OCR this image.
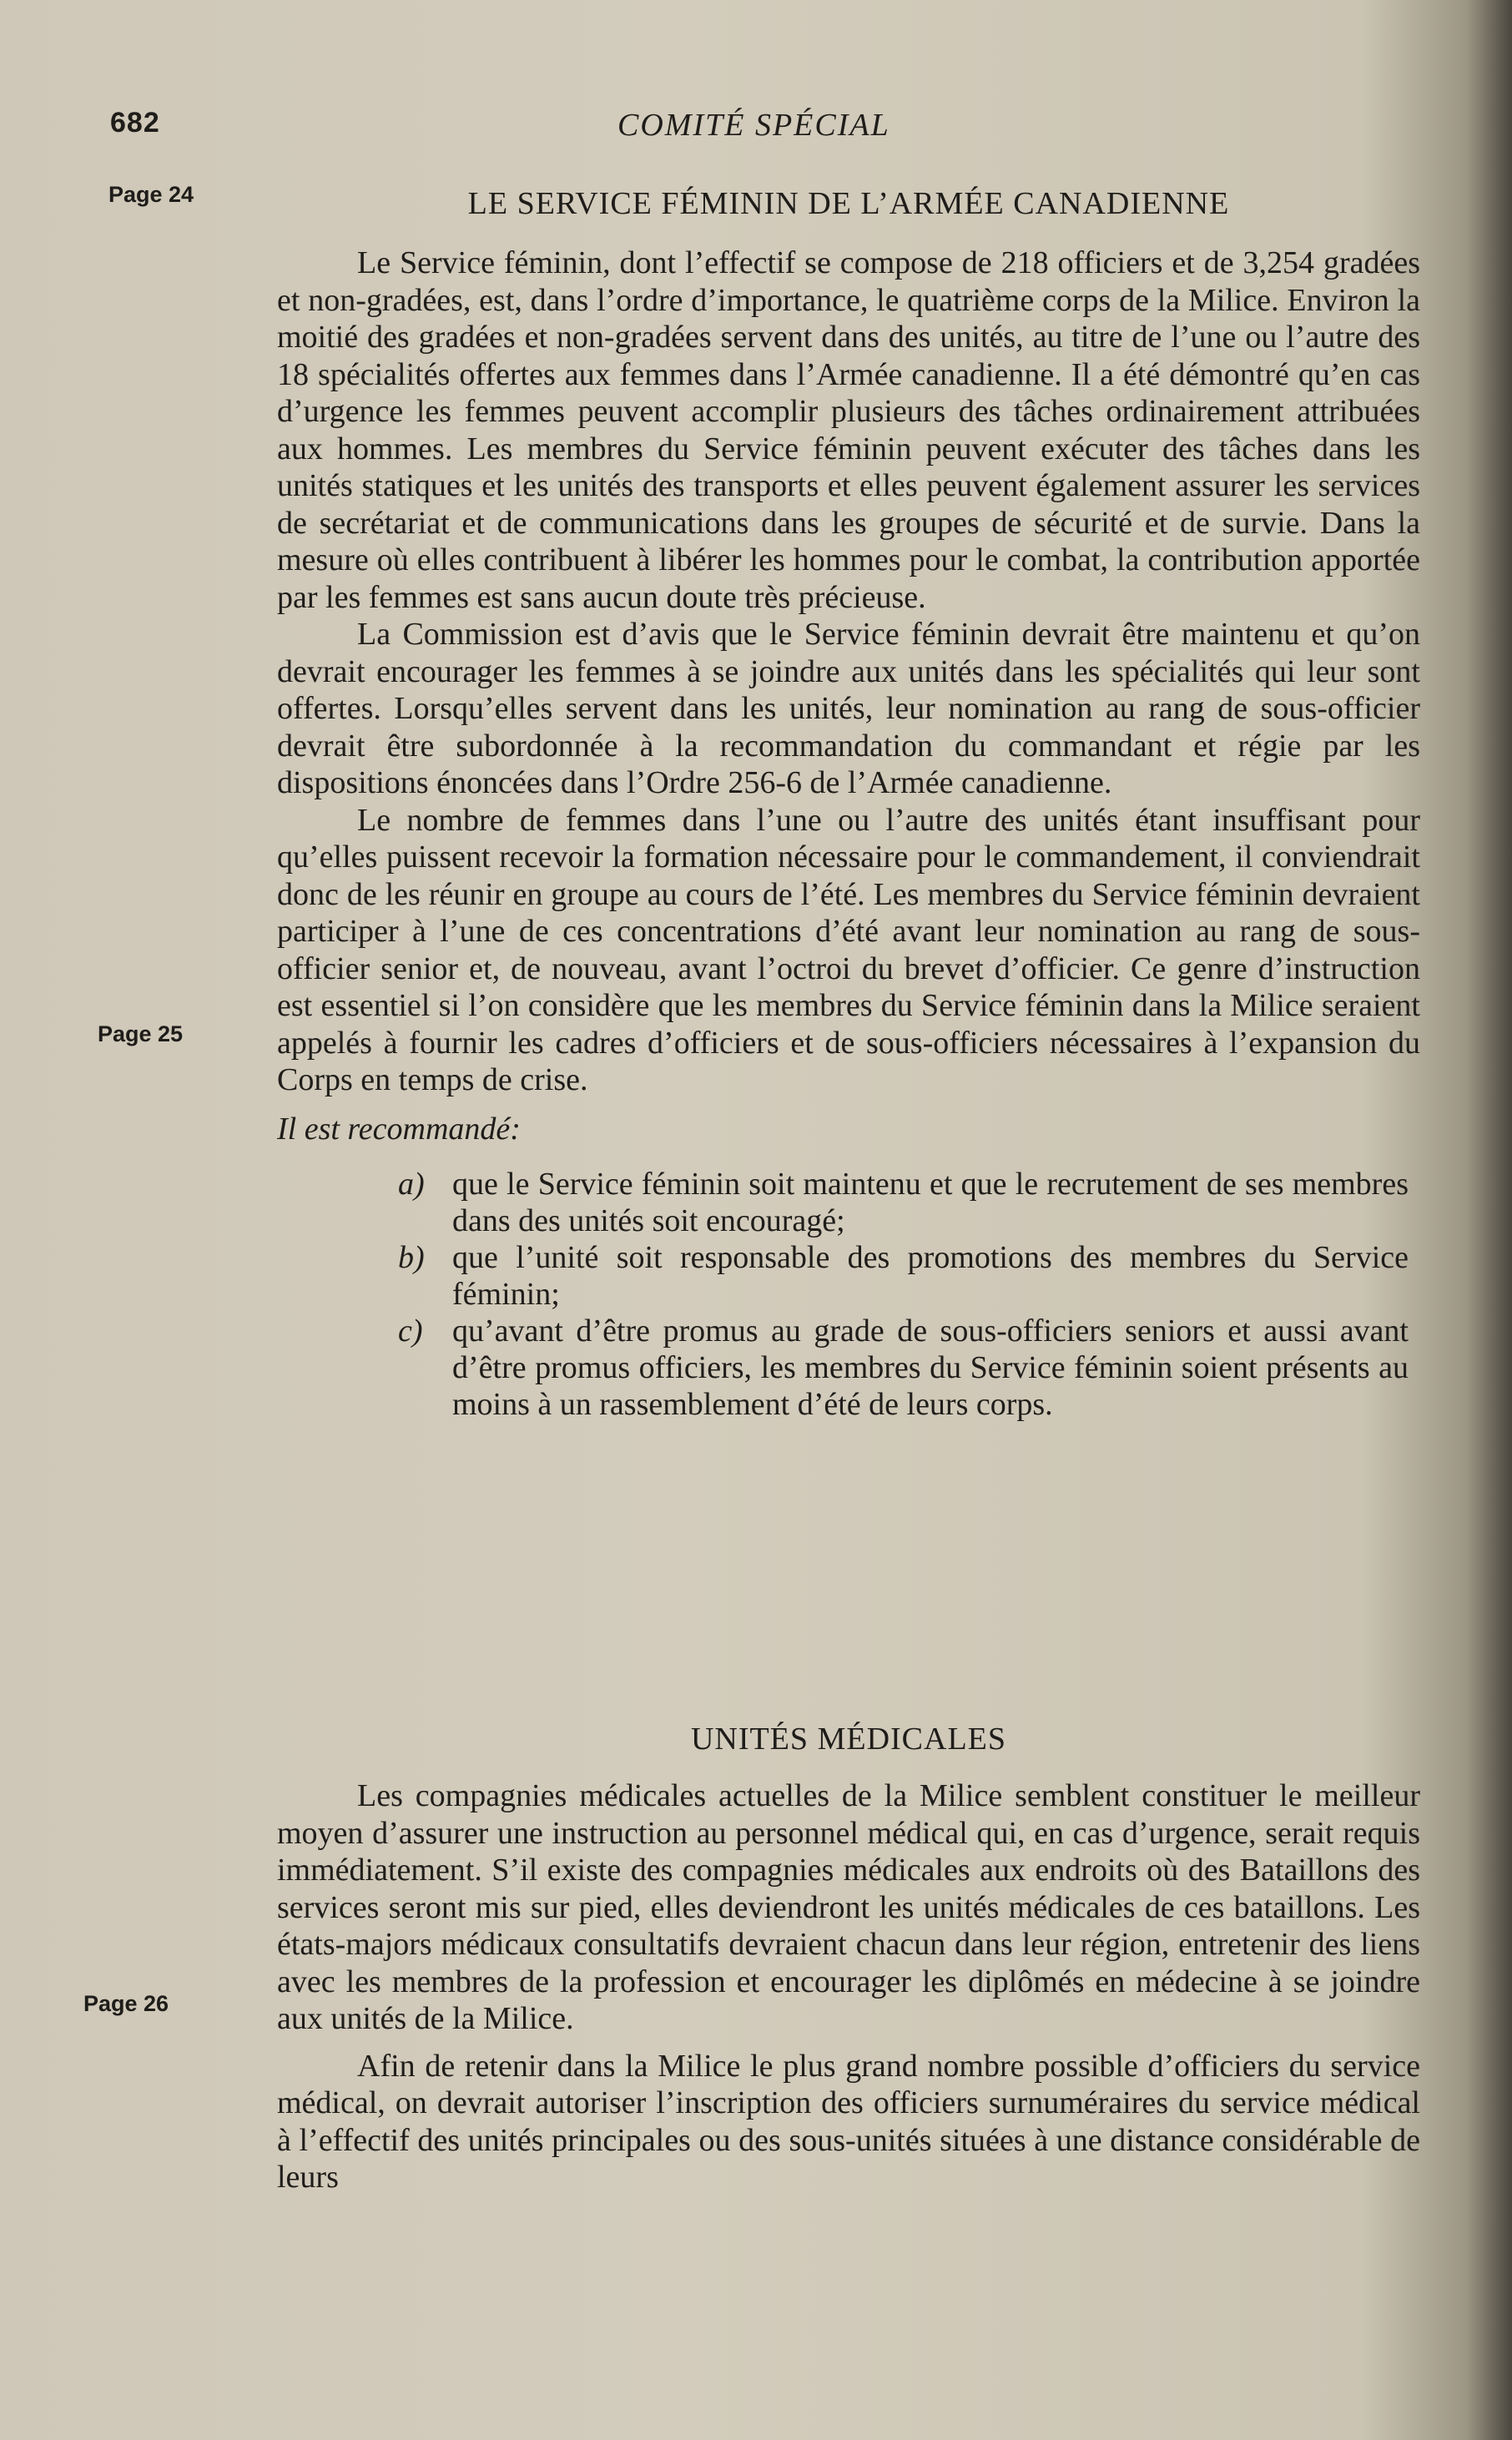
682	COMITÉ SPÉCIAL
Page 24
Page 25
Page 26
LE SERVICE FÉMININ DE L’ARMÉE CANADIENNE

Le Service féminin, dont l’effectif se compose de 218 officiers et de 3,254 gradées et non-gradées, est, dans l’ordre d’importance, le quatrième corps de la Milice. Environ la moitié des gradées et non-gradées servent dans des unités, au titre de l’une ou l’autre des 18 spécialités offertes aux femmes dans l’Armée canadienne. Il a été démontré qu’en cas d’urgence les femmes peuvent accomplir plusieurs des tâches ordinairement attribuées aux hommes. Les membres du Service féminin peuvent exécuter des tâches dans les unités statiques et les unités des transports et elles peuvent également assurer les services de secrétariat et de communications dans les groupes de sécurité et de survie. Dans la mesure où elles contribuent à libérer les hommes pour le combat, la contribution apportée par les femmes est sans aucun doute très précieuse.

La Commission est d’avis que le Service féminin devrait être maintenu et qu’on devrait encourager les femmes à se joindre aux unités dans les spécialités qui leur sont offertes. Lorsqu’elles servent dans les unités, leur nomination au rang de sous-officier devrait être subordonnée à la recommandation du commandant et régie par les dispositions énoncées dans l’Ordre 256-6 de l’Armée canadienne.

Le nombre de femmes dans l’une ou l’autre des unités étant insuffisant pour qu’elles puissent recevoir la formation nécessaire pour le commandement, il conviendrait donc de les réunir en groupe au cours de l’été. Les membres du Service féminin devraient participer à l’une de ces concentrations d’été avant leur nomination au rang de sous-officier senior et, de nouveau, avant l’octroi du brevet d’officier. Ce genre d’instruction est essentiel si l’on considère que les membres du Service féminin dans la Milice seraient appelés à fournir les cadres d’officiers et de sous-officiers nécessaires à l’expansion du Corps en temps de crise.

Il est recommandé:

a) que le Service féminin soit maintenu et que le recrutement de ses membres dans des unités soit encouragé;
b) que l’unité soit responsable des promotions des membres du Service féminin;
c) qu’avant d’être promus au grade de sous-officiers seniors et aussi avant d’être promus officiers, les membres du Service féminin soient présents au moins à un rassemblement d’été de leurs corps.
UNITÉS MÉDICALES

Les compagnies médicales actuelles de la Milice semblent constituer le meilleur moyen d’assurer une instruction au personnel médical qui, en cas d’urgence, serait requis immédiatement. S’il existe des compagnies médicales aux endroits où des Bataillons des services seront mis sur pied, elles deviendront les unités médicales de ces bataillons. Les états-majors médicaux consultatifs devraient chacun dans leur région, entretenir des liens avec les membres de la profession et encourager les diplômés en médecine à se joindre aux unités de la Milice.

Afin de retenir dans la Milice le plus grand nombre possible d’officiers du service médical, on devrait autoriser l’inscription des officiers surnuméraires du service médical à l’effectif des unités principales ou des sous-unités situées à une distance considérable de leurs
